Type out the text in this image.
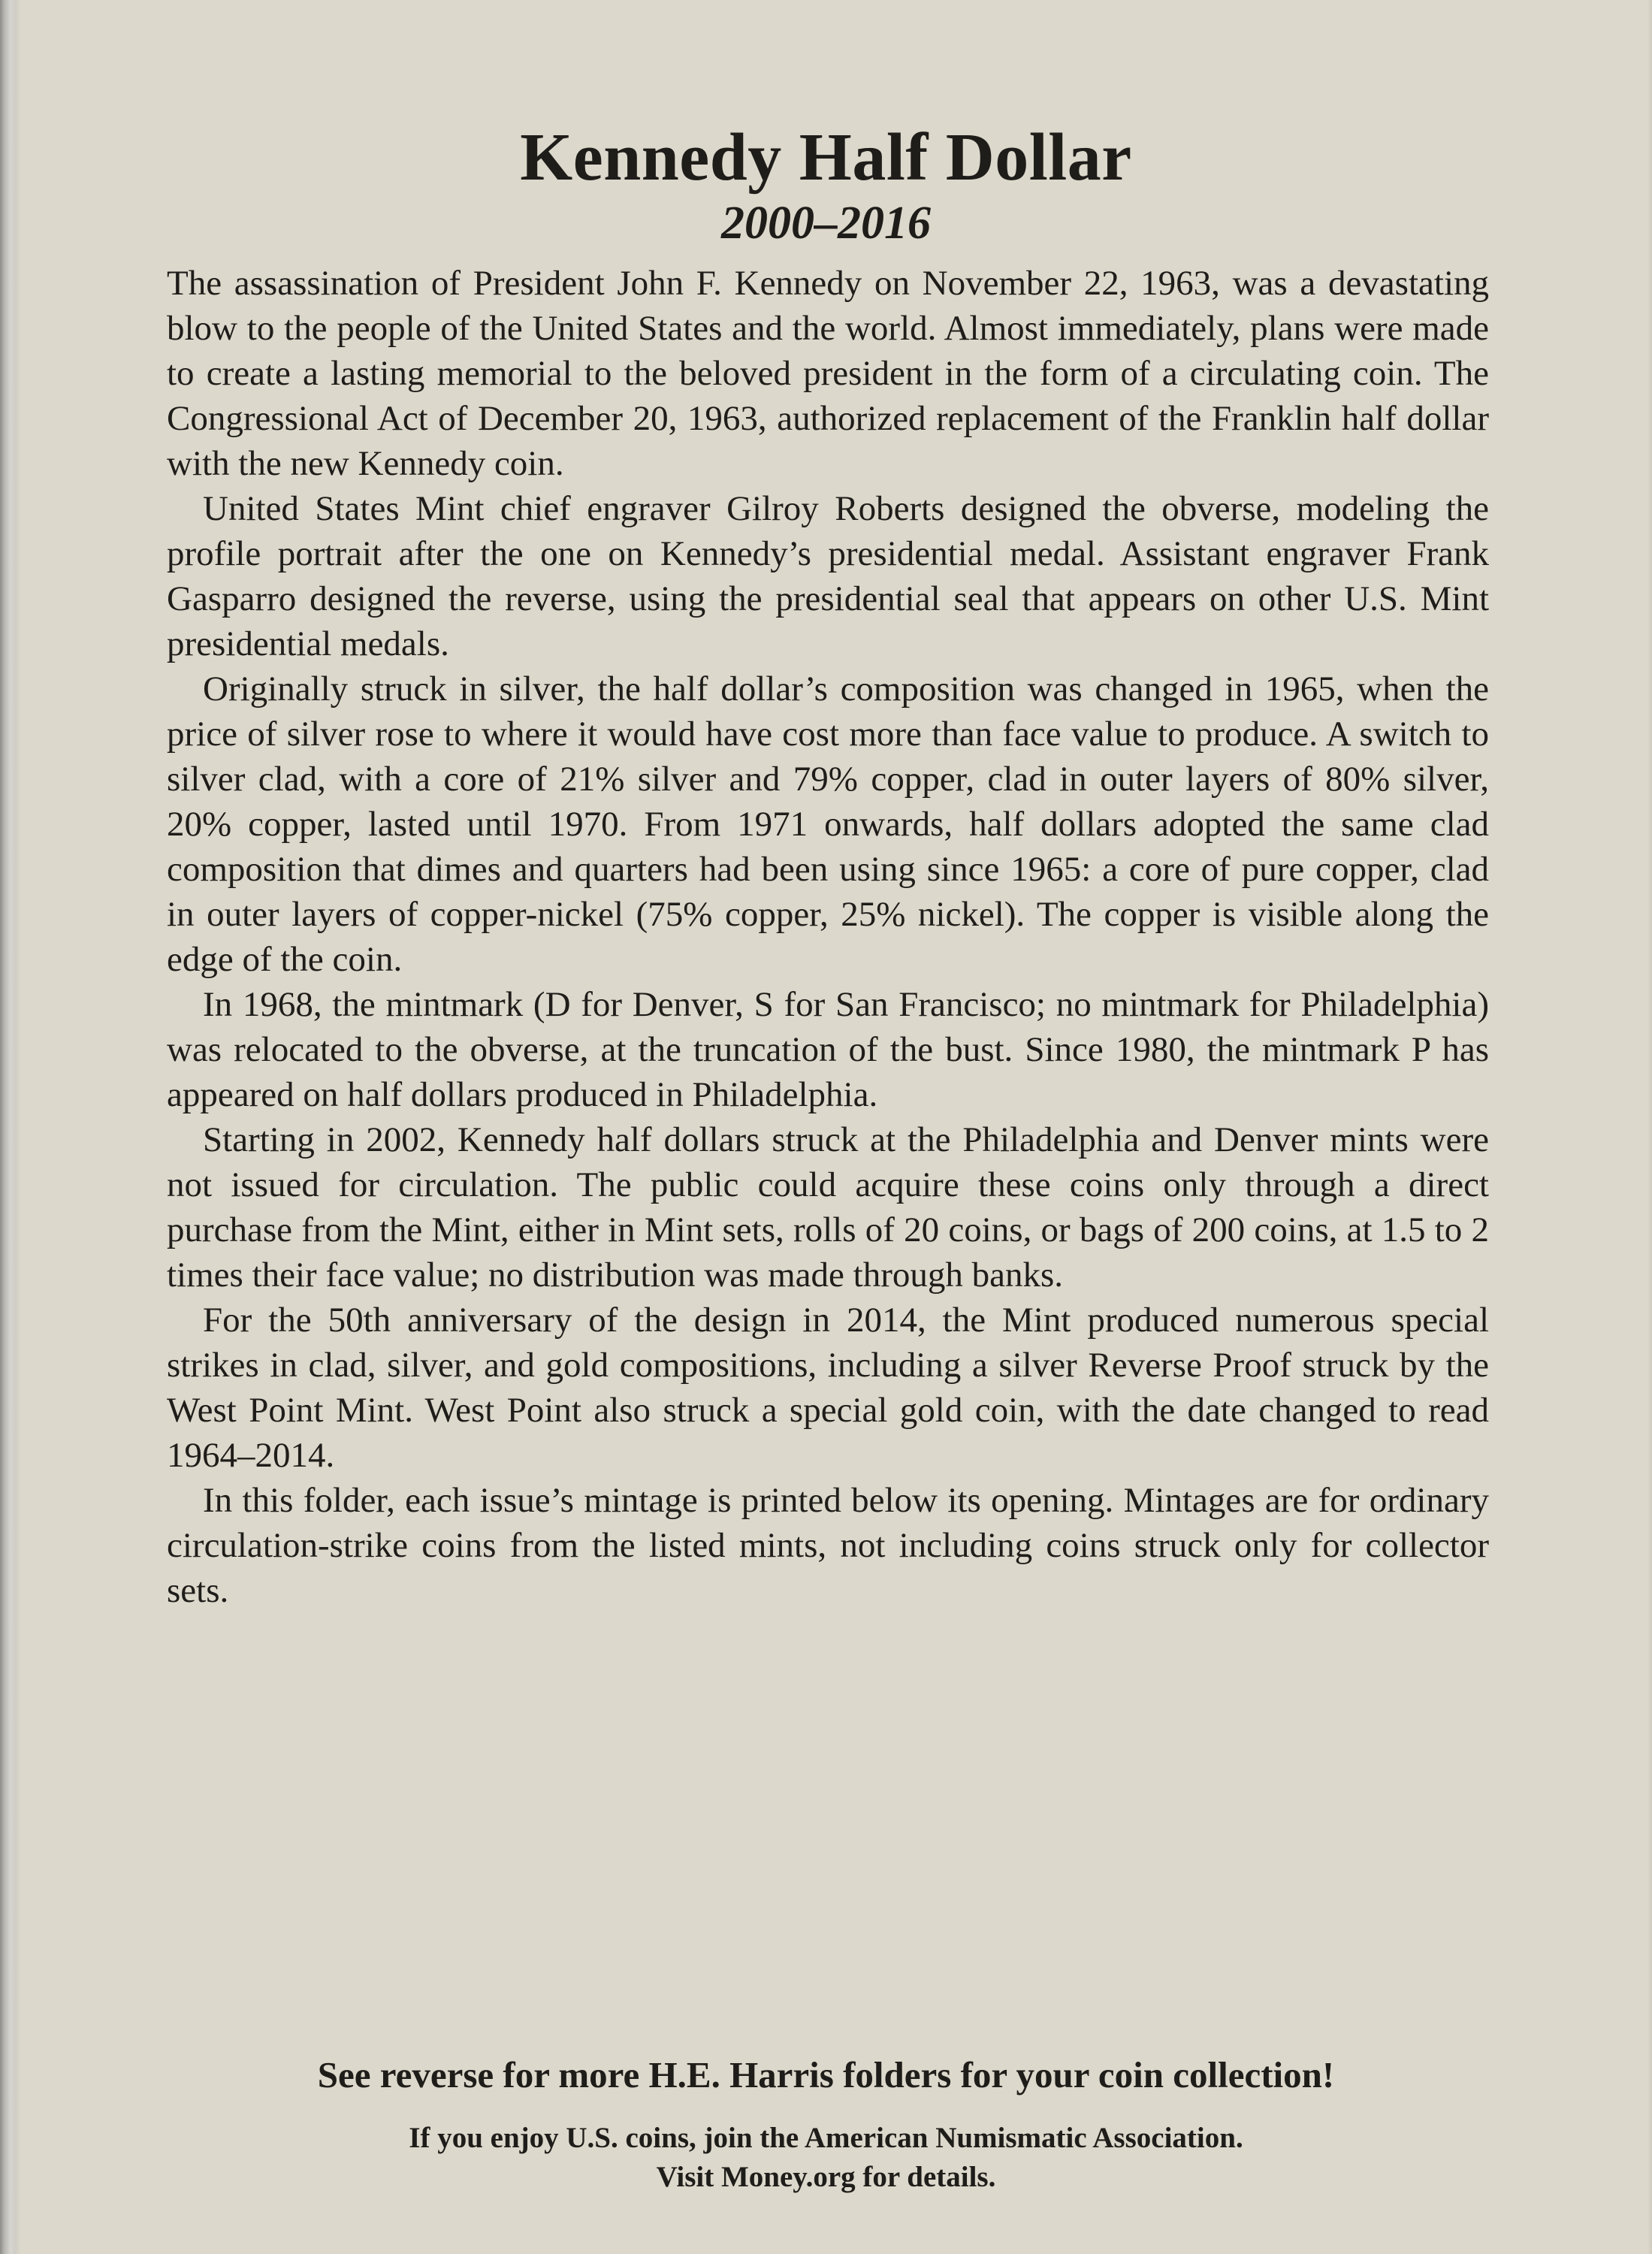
Kennedy Half Dollar
2000–2016

The assassination of President John F. Kennedy on November 22, 1963, was a devastating blow to the people of the United States and the world. Almost immediately, plans were made to create a lasting memorial to the beloved president in the form of a circulating coin. The Congressional Act of December 20, 1963, authorized replacement of the Franklin half dollar with the new Kennedy coin.

United States Mint chief engraver Gilroy Roberts designed the obverse, modeling the profile portrait after the one on Kennedy’s presidential medal. Assistant engraver Frank Gasparro designed the reverse, using the presidential seal that appears on other U.S. Mint presidential medals.

Originally struck in silver, the half dollar’s composition was changed in 1965, when the price of silver rose to where it would have cost more than face value to produce. A switch to silver clad, with a core of 21% silver and 79% copper, clad in outer layers of 80% silver, 20% copper, lasted until 1970. From 1971 onwards, half dollars adopted the same clad composition that dimes and quarters had been using since 1965: a core of pure copper, clad in outer layers of copper-nickel (75% copper, 25% nickel). The copper is visible along the edge of the coin.

In 1968, the mintmark (D for Denver, S for San Francisco; no mintmark for Philadelphia) was relocated to the obverse, at the truncation of the bust. Since 1980, the mintmark P has appeared on half dollars produced in Philadelphia.

Starting in 2002, Kennedy half dollars struck at the Philadelphia and Denver mints were not issued for circulation. The public could acquire these coins only through a direct purchase from the Mint, either in Mint sets, rolls of 20 coins, or bags of 200 coins, at 1.5 to 2 times their face value; no distribution was made through banks.

For the 50th anniversary of the design in 2014, the Mint produced numerous special strikes in clad, silver, and gold compositions, including a silver Reverse Proof struck by the West Point Mint. West Point also struck a special gold coin, with the date changed to read 1964–2014.

In this folder, each issue’s mintage is printed below its opening. Mintages are for ordinary circulation-strike coins from the listed mints, not including coins struck only for collector sets.

See reverse for more H.E. Harris folders for your coin collection!
If you enjoy U.S. coins, join the American Numismatic Association.
Visit Money.org for details.
